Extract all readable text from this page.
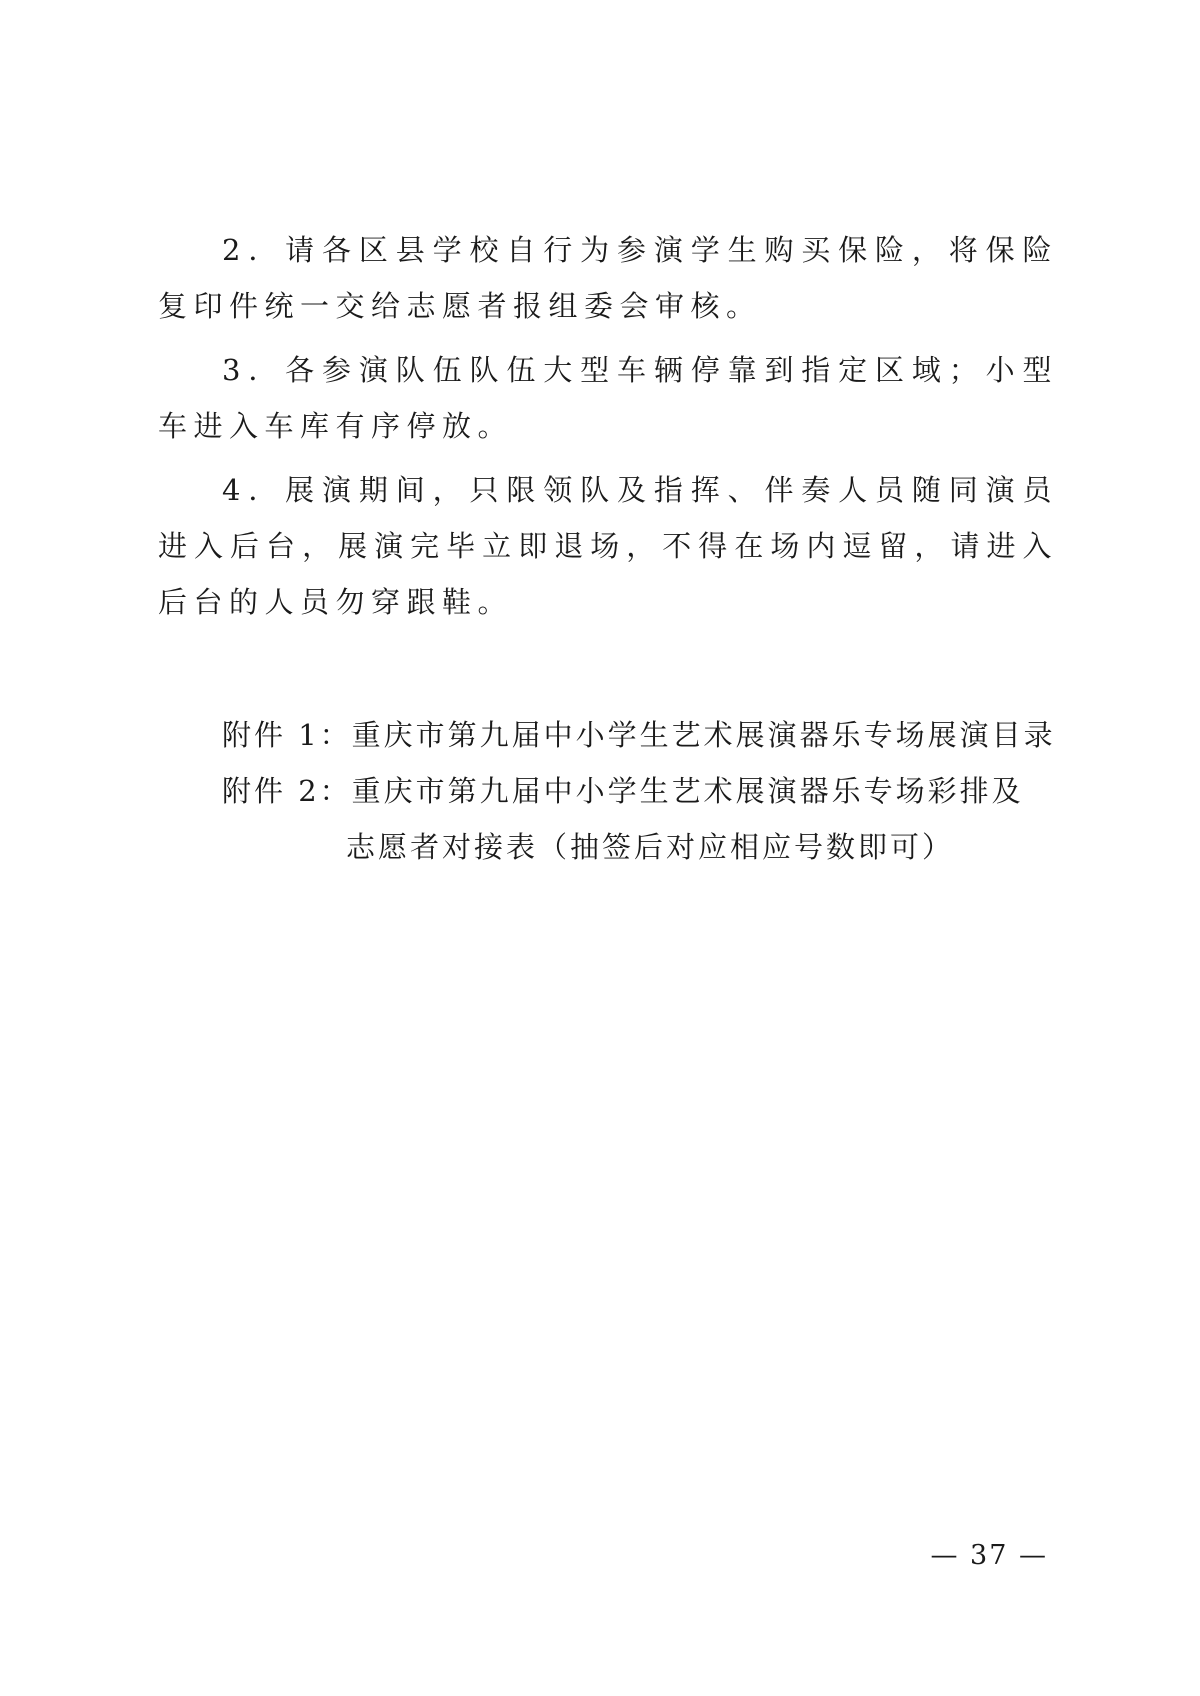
2．请各区县学校自行为参演学生购买保险，将保险复印件统一交给志愿者报组委会审核。

3．各参演队伍队伍大型车辆停靠到指定区域；小型车进入车库有序停放。

4．展演期间，只限领队及指挥、伴奏人员随同演员进入后台，展演完毕立即退场，不得在场内逗留，请进入后台的人员勿穿跟鞋。

附件 1：重庆市第九届中小学生艺术展演器乐专场展演目录

附件 2：重庆市第九届中小学生艺术展演器乐专场彩排及

志愿者对接表（抽签后对应相应号数即可）

— 37 —
